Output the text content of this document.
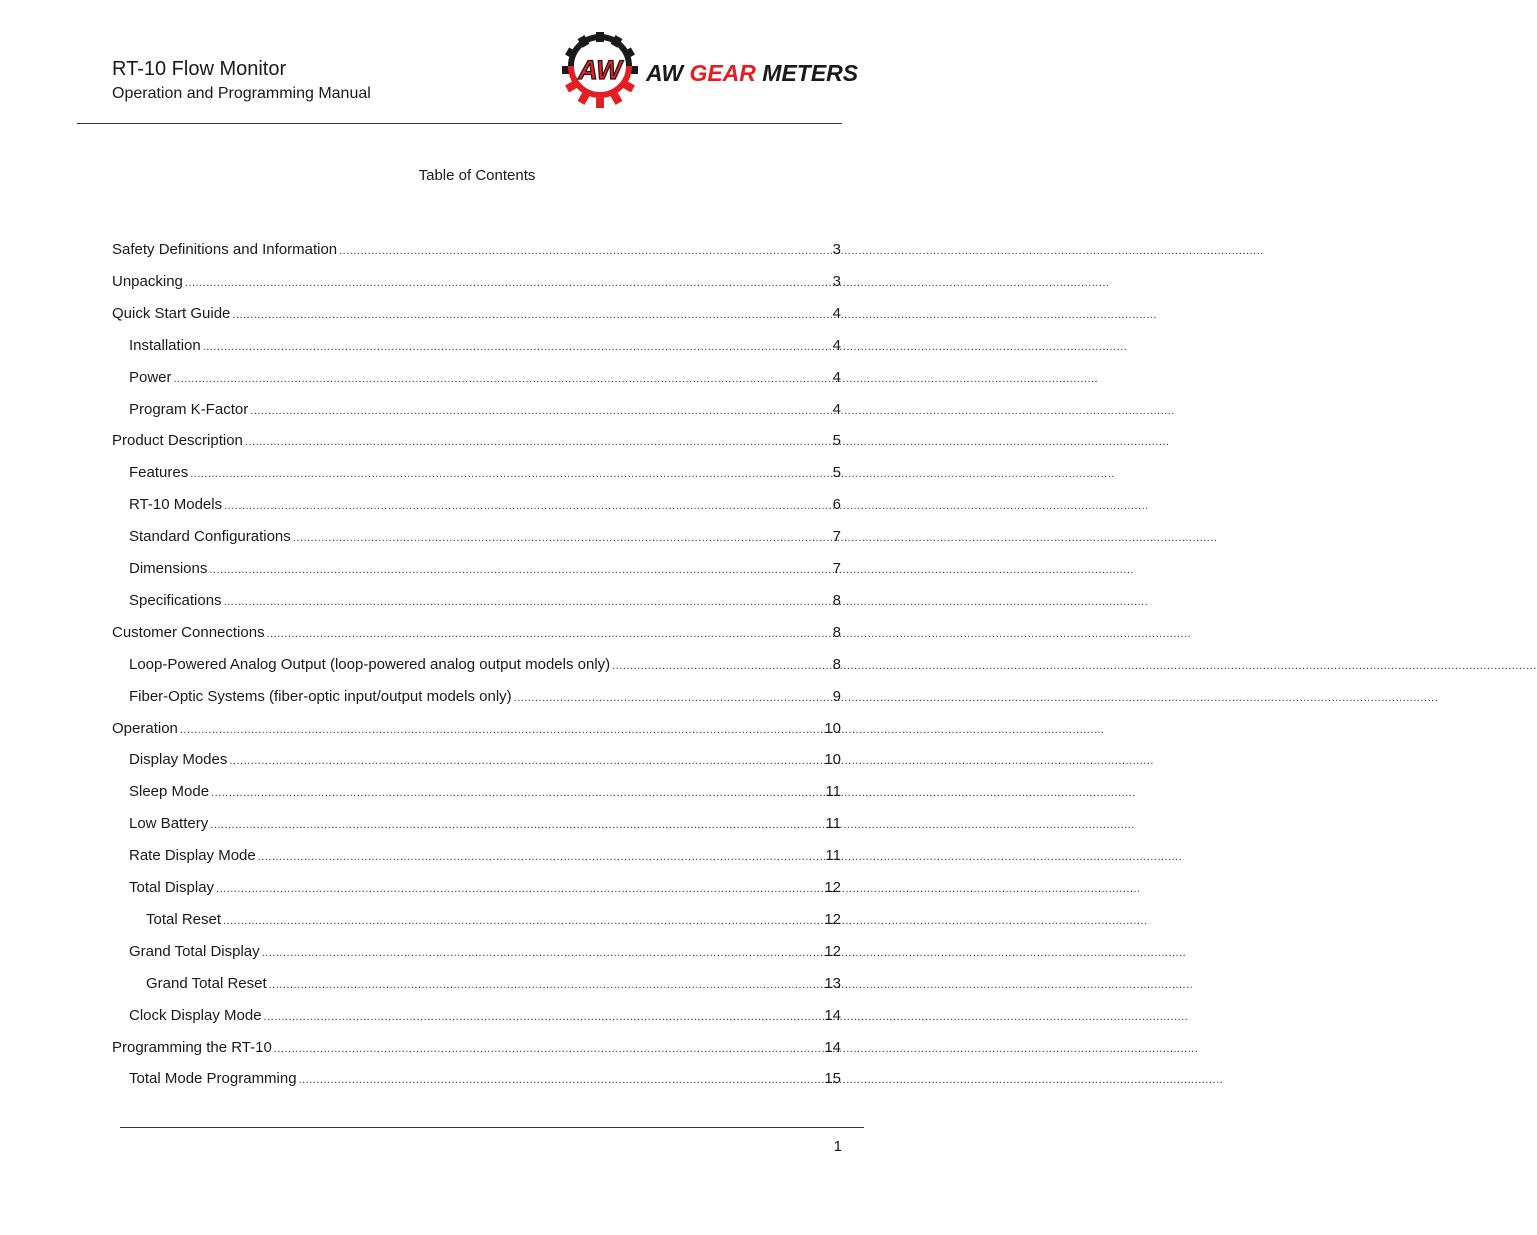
RT-10 Flow Monitor
Operation and Programming Manual
AW AW GEAR METERS
Table of Contents
Safety Definitions and Information .....	3
Unpacking .....	3
Quick Start Guide .....	4
Installation .....	4
Power .....	4
Program K-Factor .....	4
Product Description .....	5
Features .....	5
RT-10 Models .....	6
Standard Configurations .....	7
Dimensions .....	7
Specifications .....	8
Customer Connections .....	8
Loop-Powered Analog Output (loop-powered analog output models only) .....	8
Fiber-Optic Systems (fiber-optic input/output models only) .....	9
Operation .....	10
Display Modes .....	10
Sleep Mode .....	11
Low Battery .....	11
Rate Display Mode .....	11
Total Display .....	12
Total Reset .....	12
Grand Total Display .....	12
Grand Total Reset .....	13
Clock Display Mode .....	14
Programming the RT-10 .....	14
Total Mode Programming .....	15
1
